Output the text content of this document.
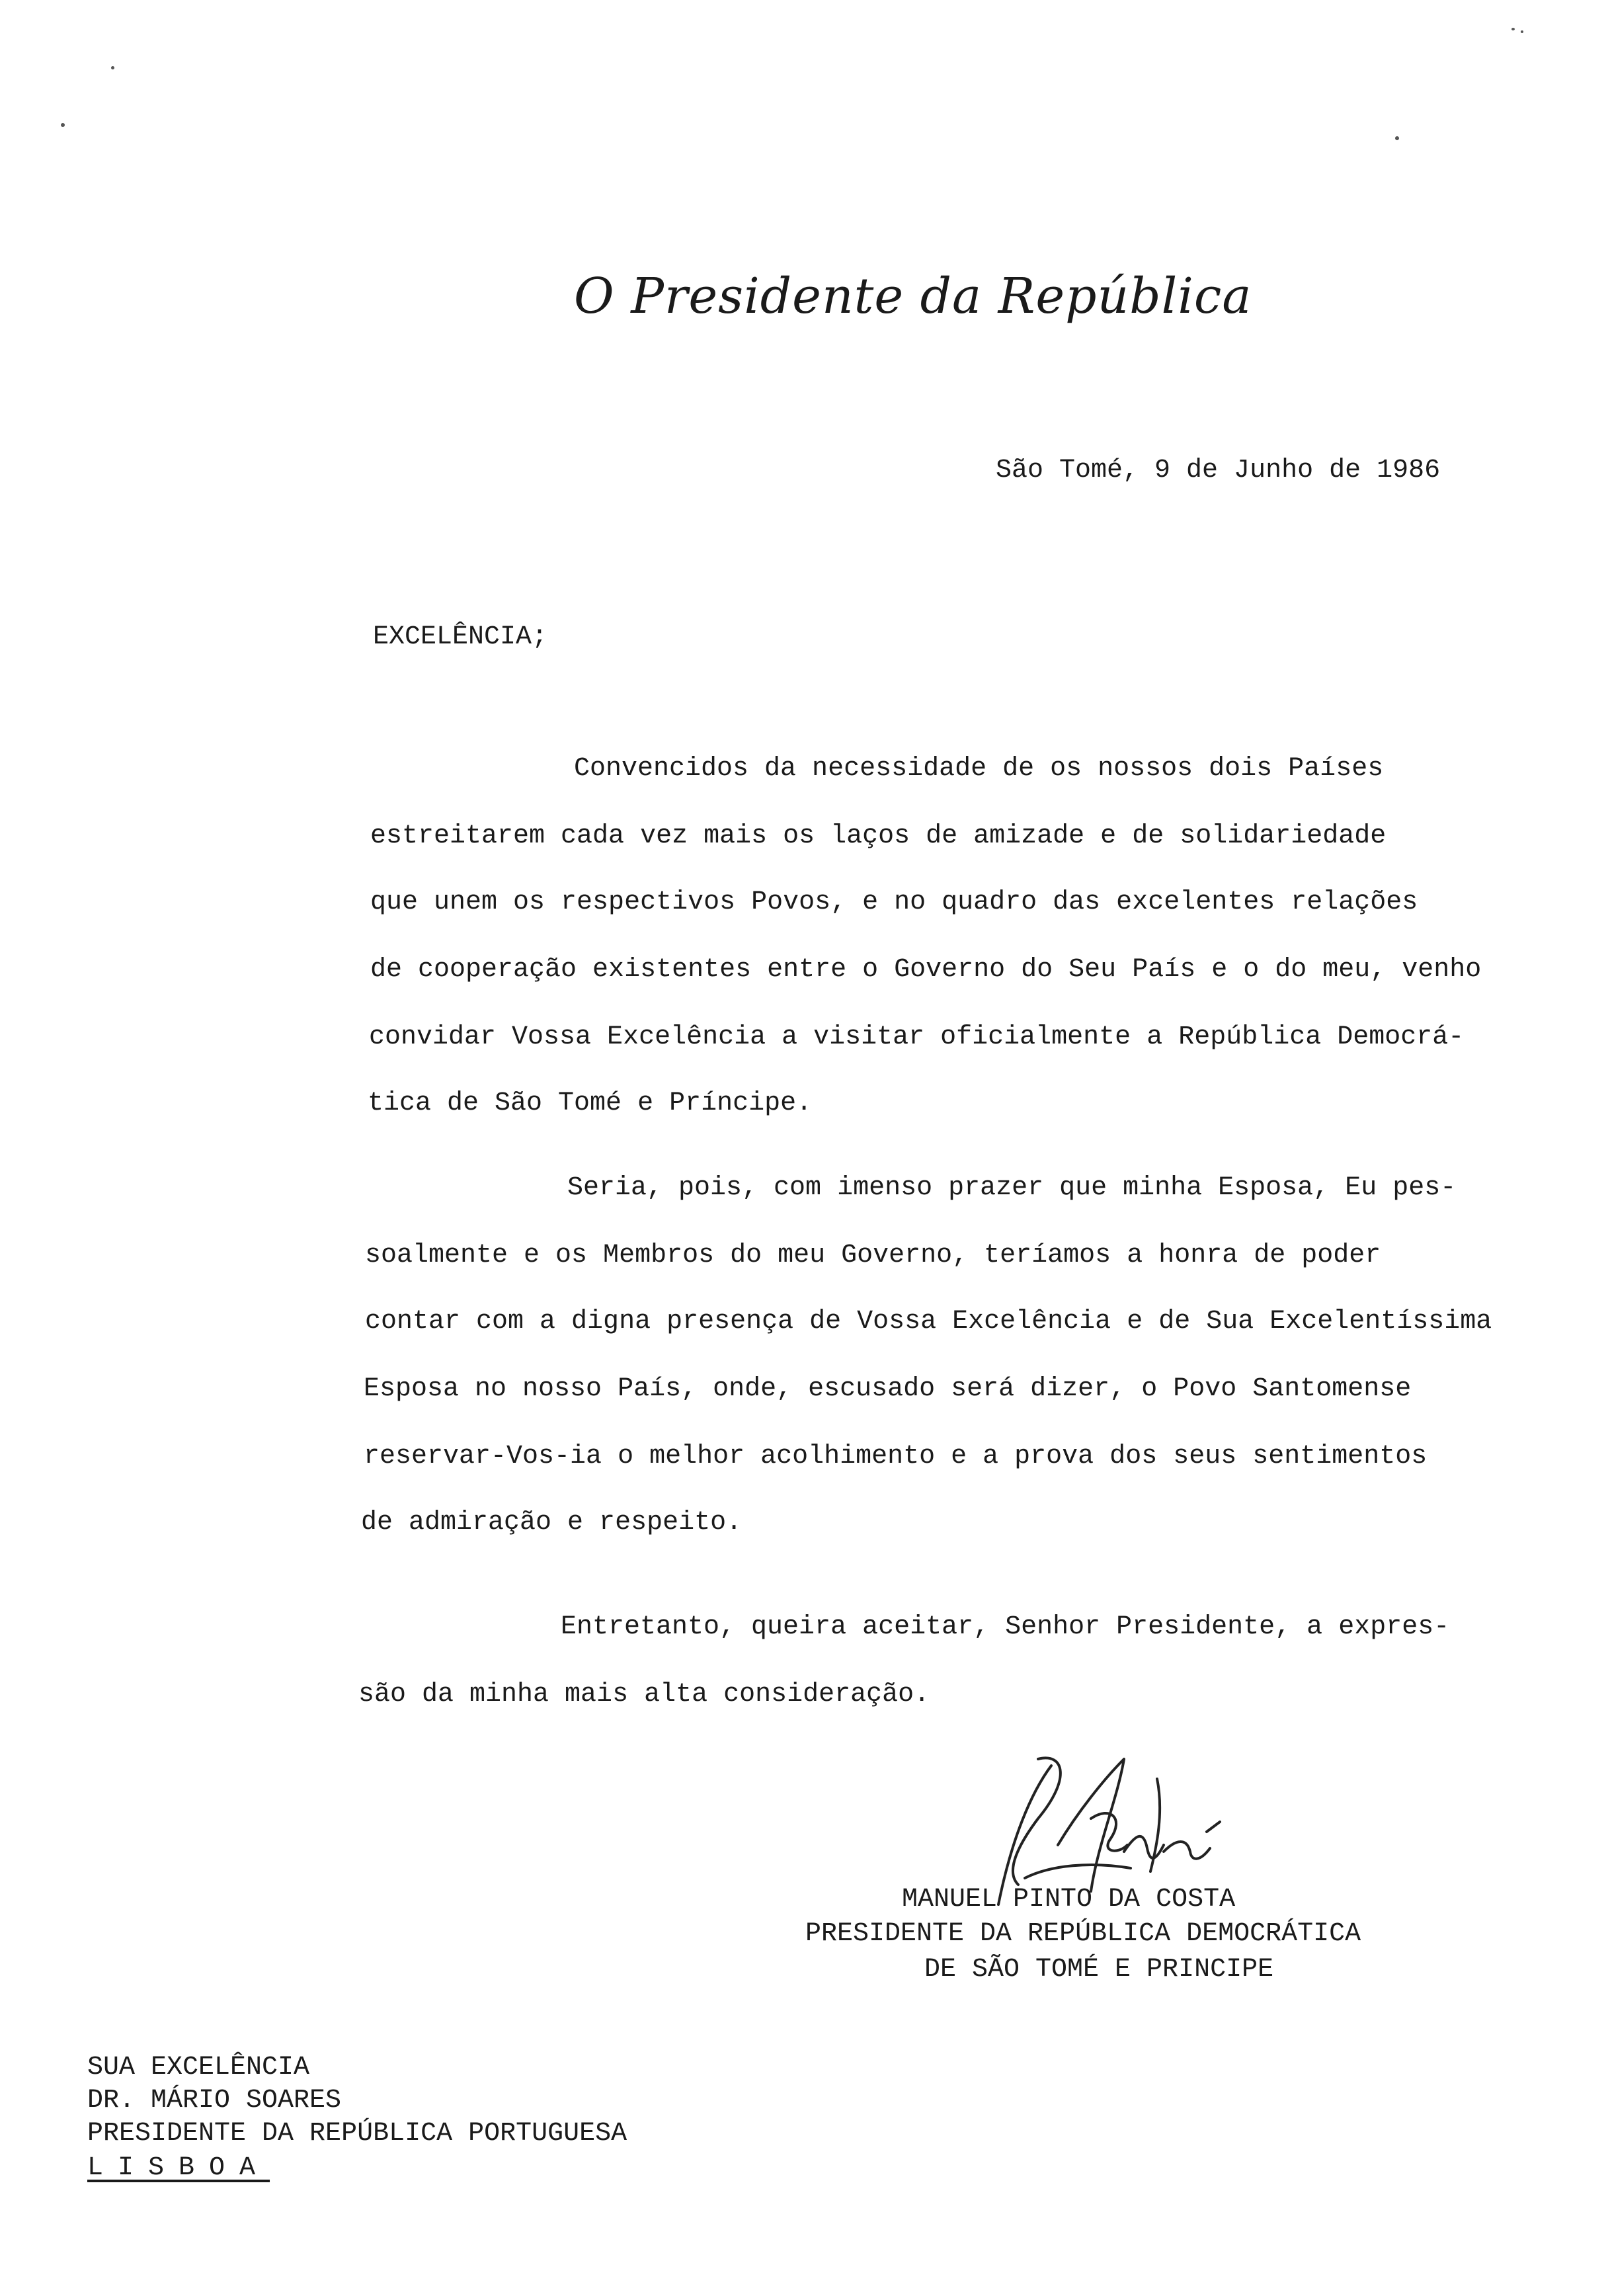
O Presidente da República
São Tomé, 9 de Junho de 1986
EXCELÊNCIA;
Convencidos da necessidade de os nossos dois Países
estreitarem cada vez mais os laços de amizade e de solidariedade
que unem os respectivos Povos, e no quadro das excelentes relações
de cooperação existentes entre o Governo do Seu País e o do meu, venho
convidar Vossa Excelência a visitar oficialmente a República Democrá-
tica de São Tomé e Príncipe.
Seria, pois, com imenso prazer que minha Esposa, Eu pes-
soalmente e os Membros do meu Governo, teríamos a honra de poder
contar com a digna presença de Vossa Excelência e de Sua Excelentíssima
Esposa no nosso País, onde, escusado será dizer, o Povo Santomense
reservar-Vos-ia o melhor acolhimento e a prova dos seus sentimentos
de admiração e respeito.
Entretanto, queira aceitar, Senhor Presidente, a expres-
são da minha mais alta consideração.
MANUEL PINTO DA COSTA
PRESIDENTE DA REPÚBLICA DEMOCRÁTICA
DE SÃO TOMÉ E PRINCIPE
SUA EXCELÊNCIA
DR. MÁRIO SOARES
PRESIDENTE DA REPÚBLICA PORTUGUESA
LISBOA
